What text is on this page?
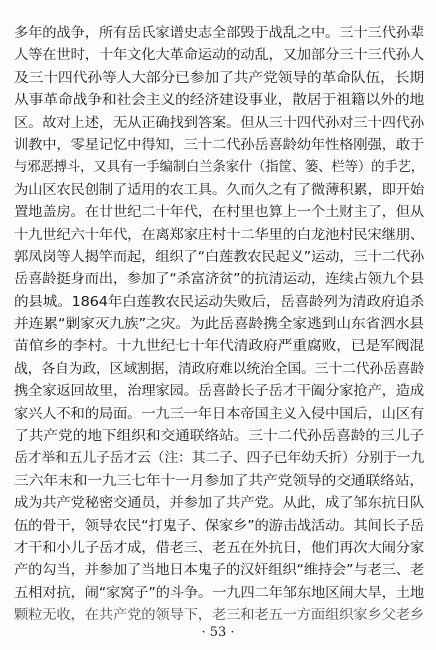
多年的战争，所有岳氏家谱史志全部毁于战乱之中。三十三代孙辈
人等在世时，十年文化大革命运动的动乱，又加部分三十三代孙人
及三十四代孙等人大部分已参加了共产党领导的革命队伍，长期
从事革命战争和社会主义的经济建设事业，散居于祖籍以外的地
区。故对上述，无从正确找到答案。但从三十四代孙对三十四代孙
训教中，零星记忆中得知，三十二代孙岳喜龄幼年性格刚强，敢于
与邪恶搏斗，又具有一手编制白兰条家什（指筐、篓、栏等）的手艺，
为山区农民创制了适用的农工具。久而久之有了微薄积累，即开始
置地盖房。在廿世纪二十年代，在村里也算上一个土财主了，但从
十九世纪六十年代，在离郑家庄村十二华里的白龙池村民宋继朋、
郭凤岗等人揭竿而起，组织了“白莲教农民起义”运动，三十二代孙
岳喜龄挺身而出，参加了“杀富济贫”的抗清运动，连续占领九个县
的县城。1864年白莲教农民运动失败后，岳喜龄列为清政府追杀
并连累“剿家灭九族”之灾。为此岳喜龄携全家逃到山东省泗水县
苗倌乡的李村。十九世纪七十年代清政府严重腐败，已是军阀混
战，各自为政，区域割据，清政府难以统治全国。三十二代孙岳喜龄
携全家返回故里，治理家园。岳喜龄长子岳才干阖分家抢产，造成
家兴人不和的局面。一九三一年日本帝国主义入侵中国后，山区有
了共产党的地下组织和交通联络站。三十二代孙岳喜龄的三儿子
岳才举和五儿子岳才云（注：其二子、四子已年幼夭折）分别于一九
三六年末和一九三七年十一月参加了共产党领导的交通联络站，
成为共产党秘密交通员，并参加了共产党。从此，成了邹东抗日队
伍的骨干，领导农民“打鬼子、保家乡”的游击战活动。其间长子岳
才干和小儿子岳才成，借老三、老五在外抗日，他们再次大闹分家
产的勾当，并参加了当地日本鬼子的汉奸组织“维持会”与老三、老
五相对抗，闹“家窝子”的斗争。一九四二年邹东地区闹大旱，土地
颗粒无收，在共产党的领导下，老三和老五一方面组织家乡父老乡
· 53 ·
